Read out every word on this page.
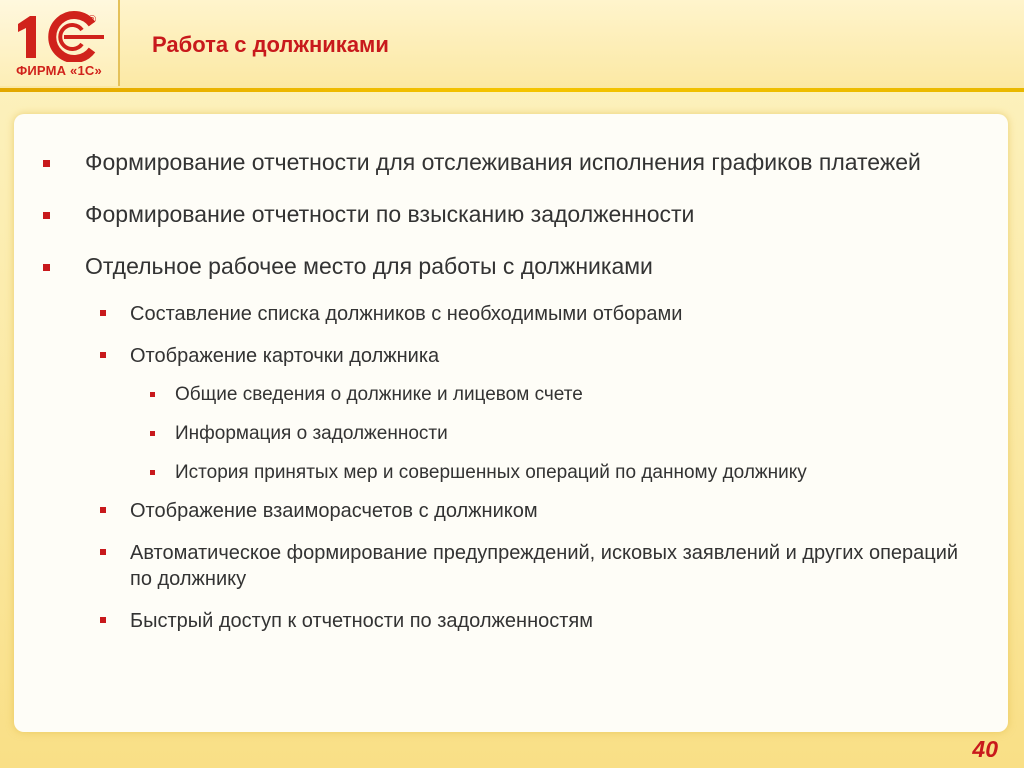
®
ФИРМА «1С»
Работа с должниками
Формирование отчетности для отслеживания исполнения графиков платежей
Формирование отчетности по взысканию задолженности
Отдельное рабочее место для работы с должниками
Составление списка должников с необходимыми отборами
Отображение карточки должника
Общие сведения о должнике и лицевом счете
Информация о задолженности
История принятых мер и совершенных операций по данному должнику
Отображение взаиморасчетов с должником
Автоматическое формирование предупреждений, исковых заявлений и других операций по должнику
Быстрый доступ к отчетности по задолженностям
40
